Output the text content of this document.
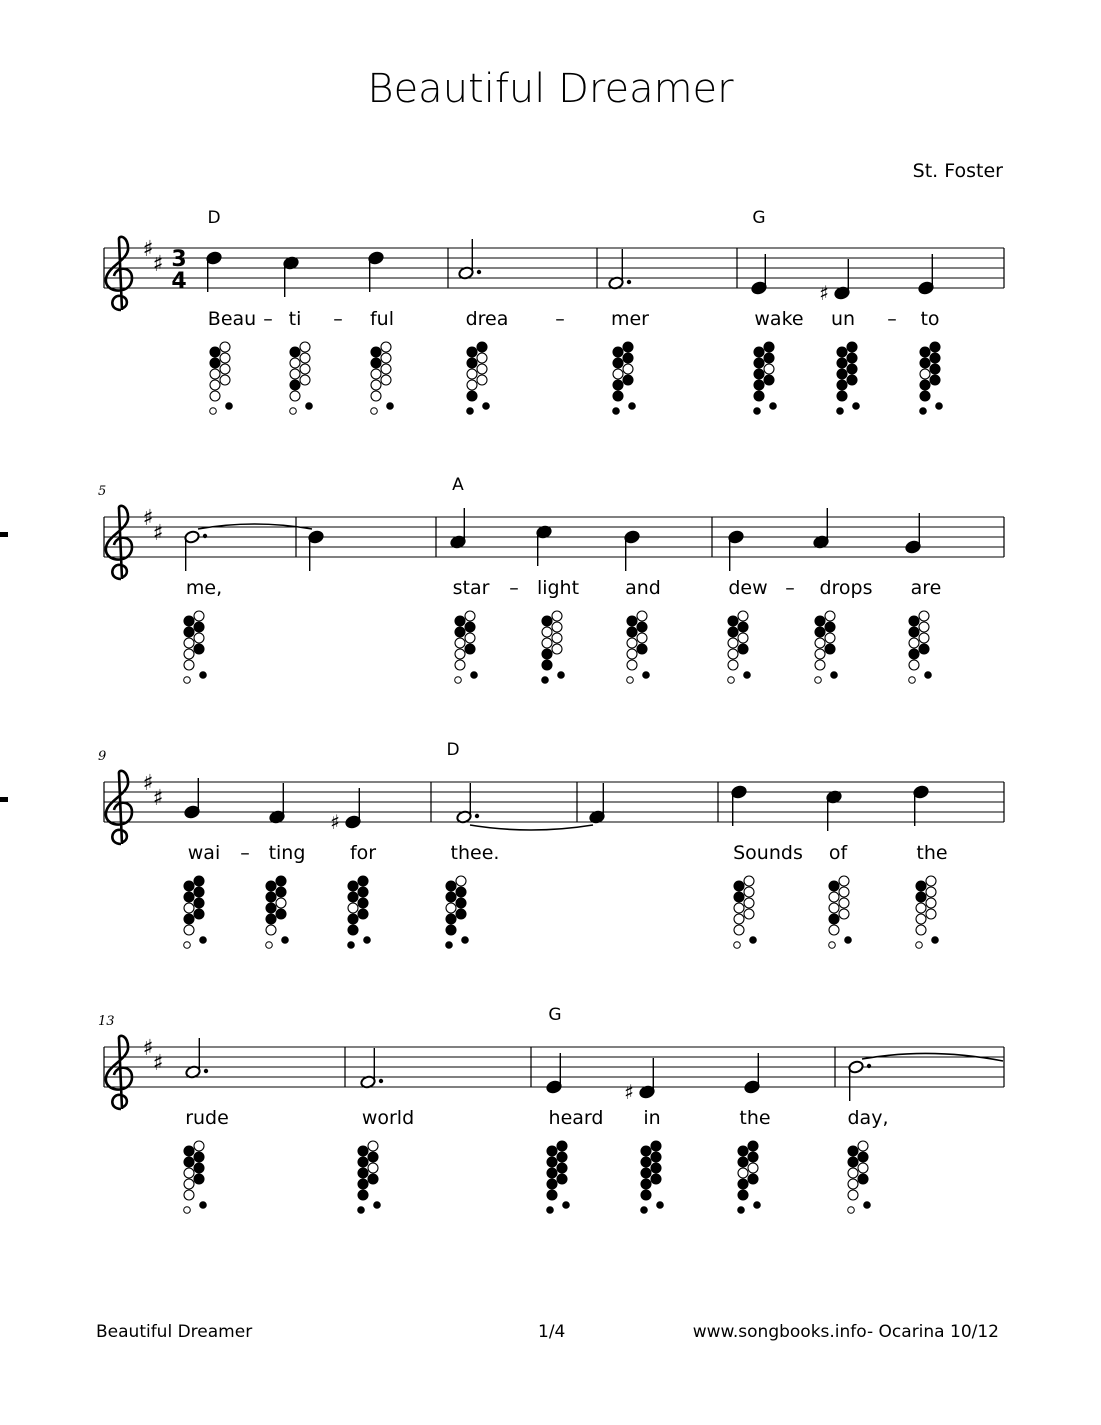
Beautiful Dreamer
St. Foster
♯
♯ 3
4
D	G
♯
Beau – ti – ful	drea – mer	wake un – to
♯
♯
5	A
me,	star – light and	dew – drops are
♯
♯
9	D
♯
wai – ting for	thee.	Sounds of	the
♯
♯
13	G
♯
rude	world	heard in	the	day,
Beautiful Dreamer	1/4	www.songbooks.info- Ocarina 10/12
